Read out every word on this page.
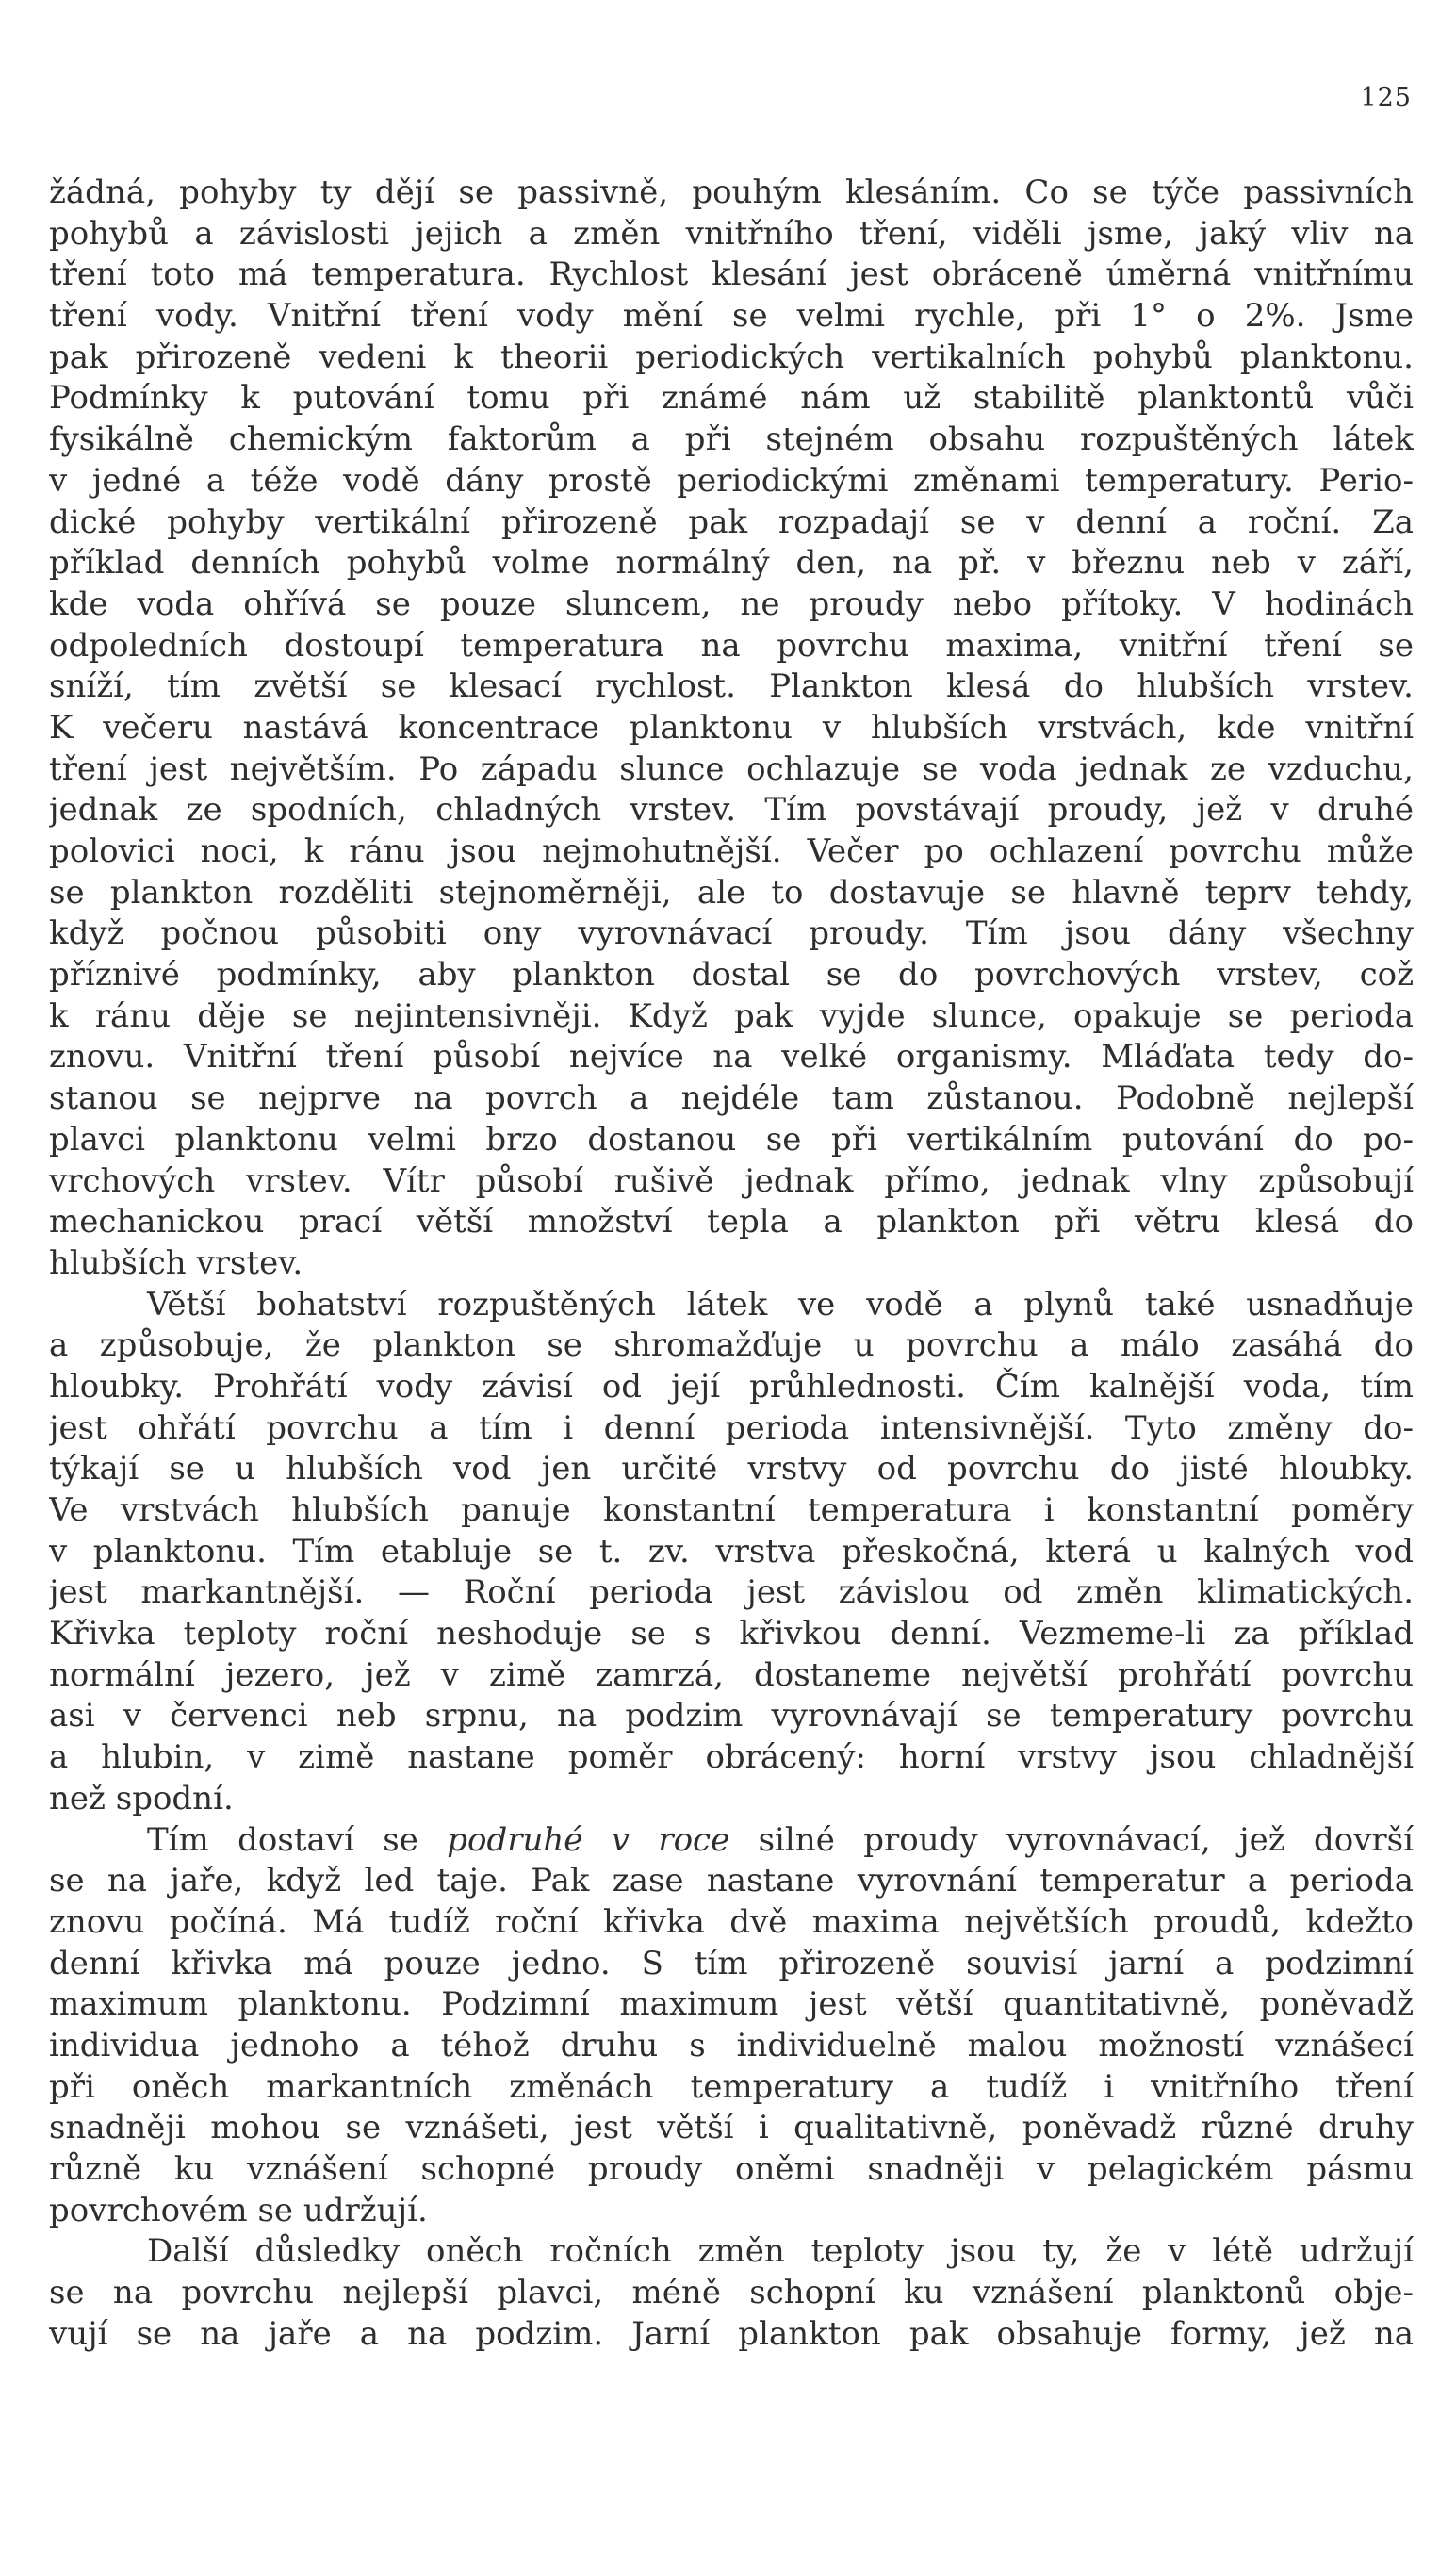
125
žádná, pohyby ty dějí se passivně, pouhým klesáním. Co se týče passivních
pohybů a závislosti jejich a změn vnitřního tření, viděli jsme, jaký vliv na
tření toto má temperatura. Rychlost klesání jest obráceně úměrná vnitřnímu
tření vody. Vnitřní tření vody mění se velmi rychle, při 1° o 2%. Jsme
pak přirozeně vedeni k theorii periodických vertikalních pohybů planktonu.
Podmínky k putování tomu při známé nám už stabilitě planktontů vůči
fysikálně chemickým faktorům a při stejném obsahu rozpuštěných látek
v jedné a téže vodě dány prostě periodickými změnami temperatury. Perio-
dické pohyby vertikální přirozeně pak rozpadají se v denní a roční. Za
příklad denních pohybů volme normálný den, na př. v březnu neb v září,
kde voda ohřívá se pouze sluncem, ne proudy nebo přítoky. V hodinách
odpoledních dostoupí temperatura na povrchu maxima, vnitřní tření se
sníží, tím zvětší se klesací rychlost. Plankton klesá do hlubších vrstev.
K večeru nastává koncentrace planktonu v hlubších vrstvách, kde vnitřní
tření jest největším. Po západu slunce ochlazuje se voda jednak ze vzduchu,
jednak ze spodních, chladných vrstev. Tím povstávají proudy, jež v druhé
polovici noci, k ránu jsou nejmohutnější. Večer po ochlazení povrchu může
se plankton rozděliti stejnoměrněji, ale to dostavuje se hlavně teprv tehdy,
když počnou působiti ony vyrovnávací proudy. Tím jsou dány všechny
příznivé podmínky, aby plankton dostal se do povrchových vrstev, což
k ránu děje se nejintensivněji. Když pak vyjde slunce, opakuje se perioda
znovu. Vnitřní tření působí nejvíce na velké organismy. Mláďata tedy do-
stanou se nejprve na povrch a nejdéle tam zůstanou. Podobně nejlepší
plavci planktonu velmi brzo dostanou se při vertikálním putování do po-
vrchových vrstev. Vítr působí rušivě jednak přímo, jednak vlny způsobují
mechanickou prací větší množství tepla a plankton při větru klesá do
hlubších vrstev.
Větší bohatství rozpuštěných látek ve vodě a plynů také usnadňuje
a způsobuje, že plankton se shromažďuje u povrchu a málo zasáhá do
hloubky. Prohřátí vody závisí od její průhlednosti. Čím kalnější voda, tím
jest ohřátí povrchu a tím i denní perioda intensivnější. Tyto změny do-
týkají se u hlubších vod jen určité vrstvy od povrchu do jisté hloubky.
Ve vrstvách hlubších panuje konstantní temperatura i konstantní poměry
v planktonu. Tím etabluje se t. zv. vrstva přeskočná, která u kalných vod
jest markantnější. — Roční perioda jest závislou od změn klimatických.
Křivka teploty roční neshoduje se s křivkou denní. Vezmeme-li za příklad
normální jezero, jež v zimě zamrzá, dostaneme největší prohřátí povrchu
asi v červenci neb srpnu, na podzim vyrovnávají se temperatury povrchu
a hlubin, v zimě nastane poměr obrácený: horní vrstvy jsou chladnější
než spodní.
Tím dostaví se podruhé v roce silné proudy vyrovnávací, jež dovrší
se na jaře, když led taje. Pak zase nastane vyrovnání temperatur a perioda
znovu počíná. Má tudíž roční křivka dvě maxima největších proudů, kdežto
denní křivka má pouze jedno. S tím přirozeně souvisí jarní a podzimní
maximum planktonu. Podzimní maximum jest větší quantitativně, poněvadž
individua jednoho a téhož druhu s individuelně malou možností vznášecí
při oněch markantních změnách temperatury a tudíž i vnitřního tření
snadněji mohou se vznášeti, jest větší i qualitativně, poněvadž různé druhy
různě ku vznášení schopné proudy oněmi snadněji v pelagickém pásmu
povrchovém se udržují.
Další důsledky oněch ročních změn teploty jsou ty, že v létě udržují
se na povrchu nejlepší plavci, méně schopní ku vznášení planktonů obje-
vují se na jaře a na podzim. Jarní plankton pak obsahuje formy, jež na
